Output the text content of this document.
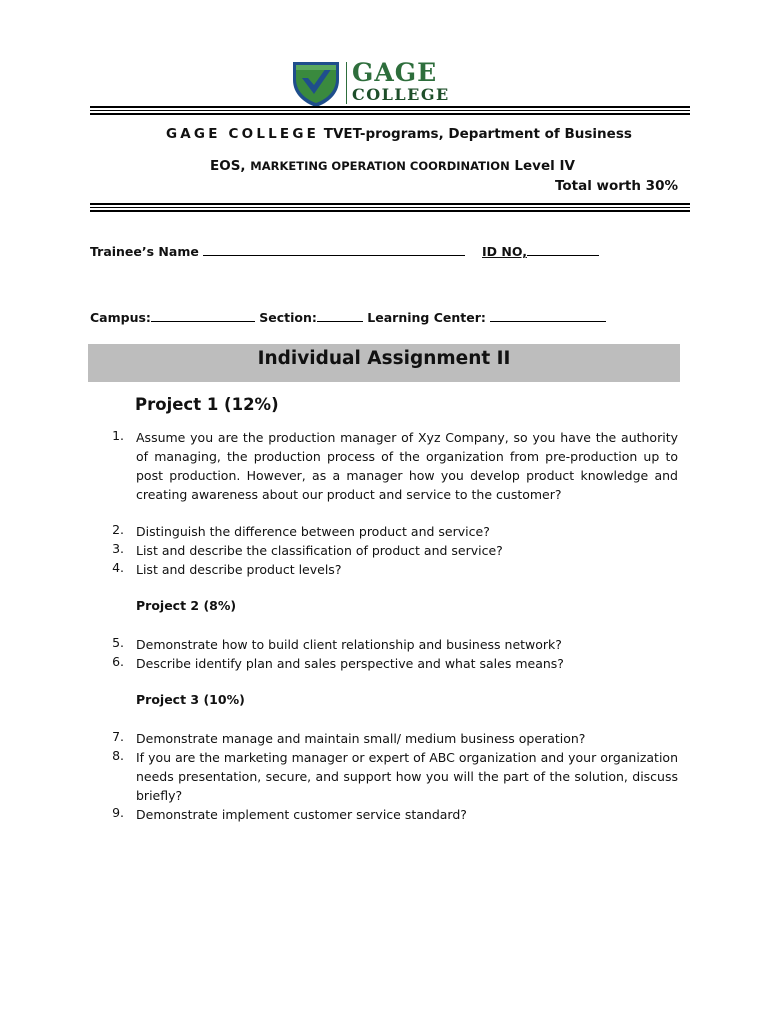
GAGE
COLLEGE
GAGE COLLEGE TVET-programs, Department of Business
EOS, MARKETING OPERATION COORDINATION Level IV
Total worth 30%
Trainee’s Name	ID NO,
Campus:	Section:	Learning Center:
Individual Assignment II
Project 1 (12%)
1. Assume you are the production manager of Xyz Company, so you have the authority of managing, the production process of the organization from pre-production up to post production. However, as a manager how you develop product knowledge and creating awareness about our product and service to the customer?
2. Distinguish the difference between product and service?
3. List and describe the classification of product and service?
4. List and describe product levels?
Project 2 (8%)
5. Demonstrate how to build client relationship and business network?
6. Describe identify plan and sales perspective and what sales means?
Project 3 (10%)
7. Demonstrate manage and maintain small/ medium business operation?
8. If you are the marketing manager or expert of ABC organization and your organization needs presentation, secure, and support how you will the part of the solution, discuss briefly?
9. Demonstrate implement customer service standard?
